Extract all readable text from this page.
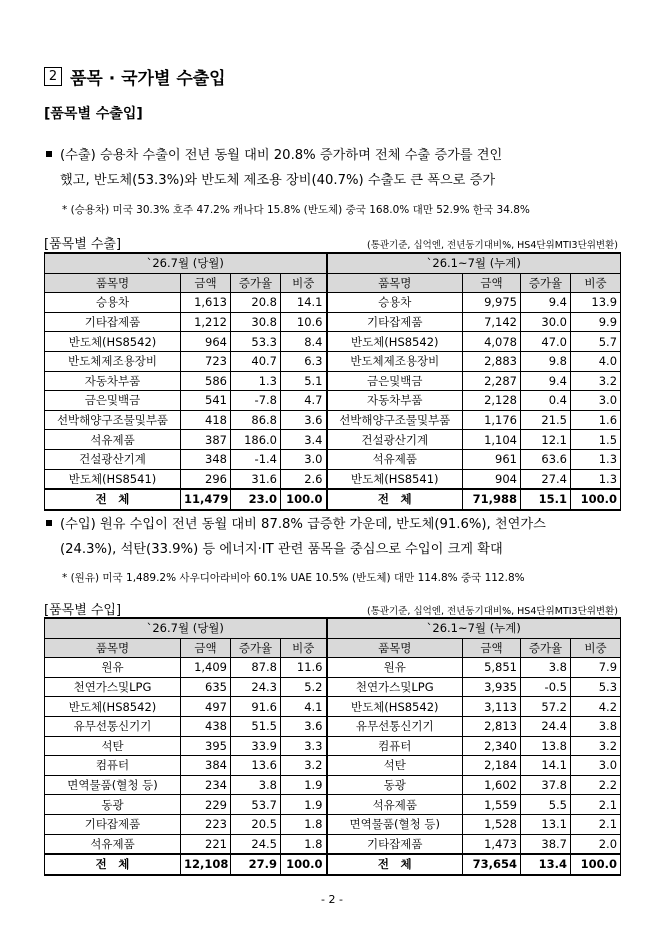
2 품목 · 국가별 수출입
[품목별 수출입]
(수출) 승용차 수출이 전년 동월 대비 20.8% 증가하며 전체 수출 증가를 견인
했고, 반도체(53.3%)와 반도체 제조용 장비(40.7%) 수출도 큰 폭으로 증가
* (승용차) 미국 30.3% 호주 47.2% 캐나다 15.8% (반도체) 중국 168.0% 대만 52.9% 한국 34.8%
[품목별 수출]	(통관기준, 십억엔, 전년동기대비%, HS4단위MTI3단위변환)
`26.7월 (당월)				`26.1~7월 (누계)			
품목명	금액	증가율	비중	품목명	금액	증가율	비중
승용차	1,613	20.8	14.1	승용차	9,975	9.4	13.9
기타잡제품	1,212	30.8	10.6	기타잡제품	7,142	30.0	9.9
반도체(HS8542)	964	53.3	8.4	반도체(HS8542)	4,078	47.0	5.7
반도체제조용장비	723	40.7	6.3	반도체제조용장비	2,883	9.8	4.0
자동차부품	586	1.3	5.1	금은및백금	2,287	9.4	3.2
금은및백금	541	-7.8	4.7	자동차부품	2,128	0.4	3.0
선박해양구조물및부품	418	86.8	3.6	선박해양구조물및부품	1,176	21.5	1.6
석유제품	387	186.0	3.4	건설광산기계	1,104	12.1	1.5
건설광산기계	348	-1.4	3.0	석유제품	961	63.6	1.3
반도체(HS8541)	296	31.6	2.6	반도체(HS8541)	904	27.4	1.3
전　체	11,479	23.0	100.0	전　체	71,988	15.1	100.0
(수입) 원유 수입이 전년 동월 대비 87.8% 급증한 가운데, 반도체(91.6%), 천연가스
(24.3%), 석탄(33.9%) 등 에너지·IT 관련 품목을 중심으로 수입이 크게 확대
* (원유) 미국 1,489.2% 사우디아라비아 60.1% UAE 10.5% (반도체) 대만 114.8% 중국 112.8%
[품목별 수입]	(통관기준, 십억엔, 전년동기대비%, HS4단위MTI3단위변환)
`26.7월 (당월)				`26.1~7월 (누계)			
품목명	금액	증가율	비중	품목명	금액	증가율	비중
원유	1,409	87.8	11.6	원유	5,851	3.8	7.9
천연가스및LPG	635	24.3	5.2	천연가스및LPG	3,935	-0.5	5.3
반도체(HS8542)	497	91.6	4.1	반도체(HS8542)	3,113	57.2	4.2
유무선통신기기	438	51.5	3.6	유무선통신기기	2,813	24.4	3.8
석탄	395	33.9	3.3	컴퓨터	2,340	13.8	3.2
컴퓨터	384	13.6	3.2	석탄	2,184	14.1	3.0
면역물품(혈청 등)	234	3.8	1.9	동광	1,602	37.8	2.2
동광	229	53.7	1.9	석유제품	1,559	5.5	2.1
기타잡제품	223	20.5	1.8	면역물품(혈청 등)	1,528	13.1	2.1
석유제품	221	24.5	1.8	기타잡제품	1,473	38.7	2.0
전　체	12,108	27.9	100.0	전　체	73,654	13.4	100.0
- 2 -
